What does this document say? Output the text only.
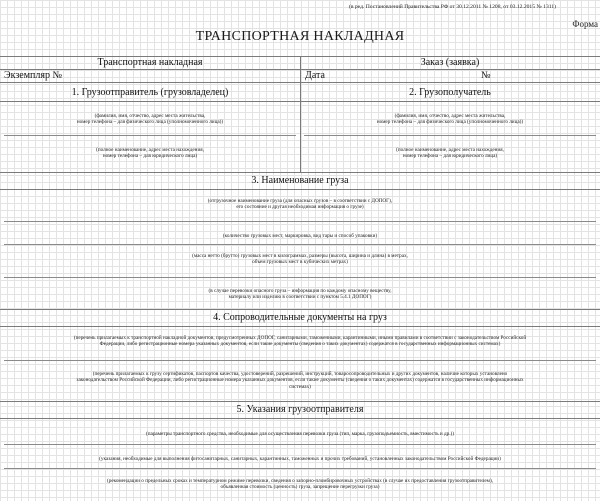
(в ред. Постановлений Правительства РФ от 30.12.2011 № 1208, от 03.12.2015 № 1311)
Форма
ТРАНСПОРТНАЯ НАКЛАДНАЯ
Транспортная накладная	Заказ (заявка)
Экземпляр №	Дата	№
1. Грузоотправитель (грузовладелец)	2. Грузополучатель
(фамилия, имя, отчество, адрес места жительства,
номер телефона – для физического лица (уполномоченного лица))
(полное наименование, адрес места нахождения,
номер телефона – для юридического лица)
(фамилия, имя, отчество, адрес места жительства,
номер телефона – для физического лица (уполномоченного лица))
(полное наименование, адрес места нахождения,
номер телефона – для юридического лица)
3. Наименование груза
(отгрузочное наименование груза (для опасных грузов – в соответствии с ДОПОГ),
его состояние и другая необходимая информация о грузе)
(количество грузовых мест, маркировка, вид тары и способ упаковки)
(масса нетто (брутто) грузовых мест в килограммах, размеры (высота, ширина и длина) в метрах,
объем грузовых мест в кубических метрах)
(в случае перевозки опасного груза – информация по каждому опасному веществу,
материалу или изделию в соответствии с пунктом 5.4.1 ДОПОГ)
4. Сопроводительные документы на груз
(перечень прилагаемых к транспортной накладной документов, предусмотренных ДОПОГ, санитарными, таможенными, карантинными, иными правилами в соответствии с законодательством Российской
Федерации, либо регистрационные номера указанных документов, если такие документы (сведения о таких документах) содержатся в государственных информационных системах)
(перечень прилагаемых к грузу сертификатов, паспортов качества, удостоверений, разрешений, инструкций, товаросопроводительных и других документов, наличие которых установлено
законодательством Российской Федерации, либо регистрационные номера указанных документов, если такие документы (сведения о таких документах) содержатся в государственных информационных
системах)
5. Указания грузоотправителя
(параметры транспортного средства, необходимые для осуществления перевозки груза (тип, марка, грузоподъемность, вместимость и др.))
(указания, необходимые для выполнения фитосанитарных, санитарных, карантинных, таможенных и прочих требований, установленных законодательством Российской Федерации)
(рекомендации о предельных сроках и температурном режиме перевозки, сведения о запорно-пломбировочных устройствах (в случае их предоставления грузоотправителем),
объявленная стоимость (ценность) груза, запрещение перегрузки груза)
